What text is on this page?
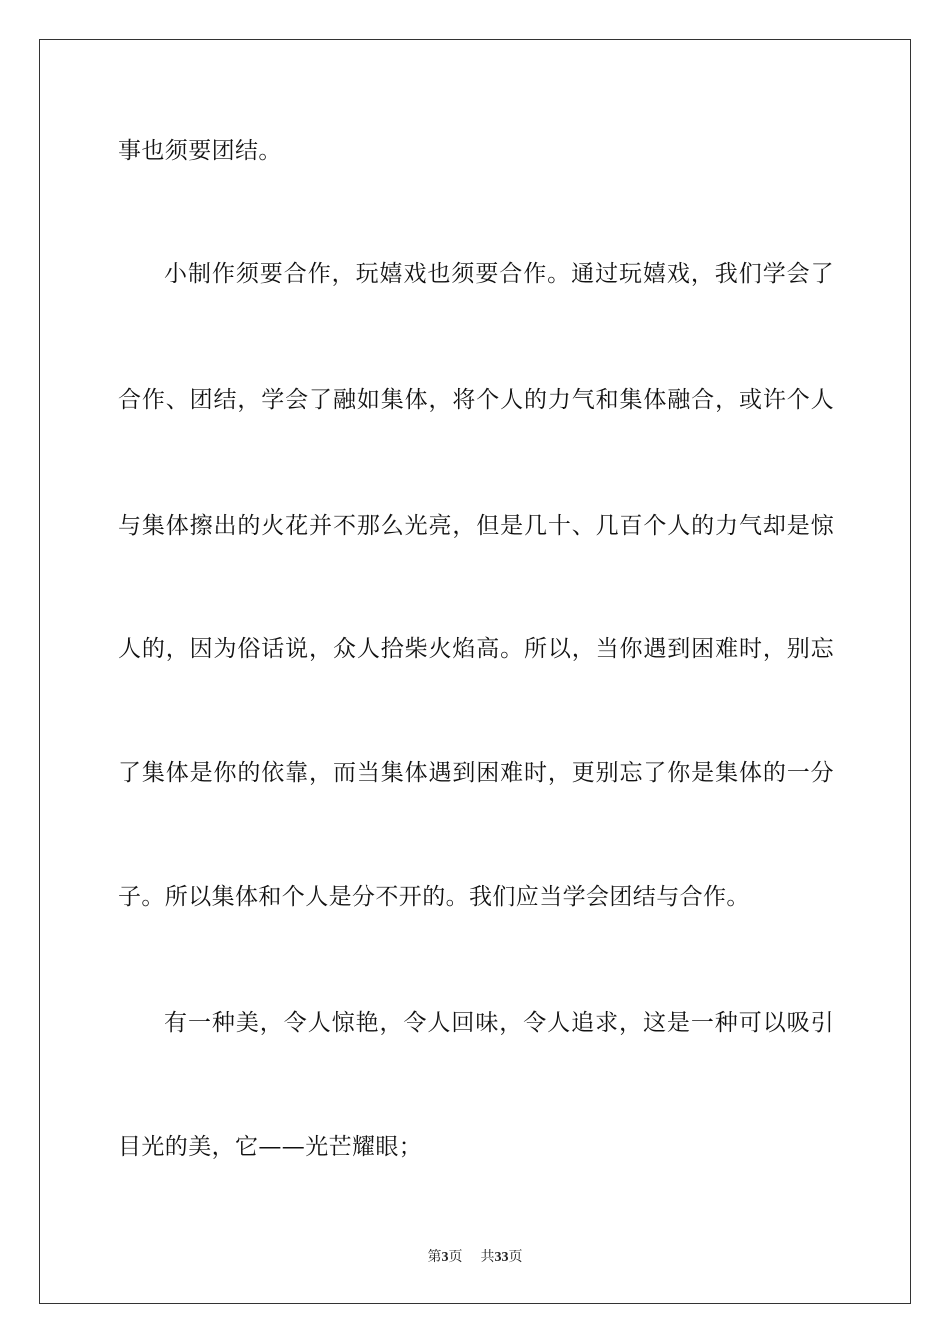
事也须要团结。
小制作须要合作，玩嬉戏也须要合作。通过玩嬉戏，我们学会了
合作、团结，学会了融如集体，将个人的力气和集体融合，或许个人
与集体擦出的火花并不那么光亮，但是几十、几百个人的力气却是惊
人的，因为俗话说，众人拾柴火焰高。所以，当你遇到困难时，别忘
了集体是你的依靠，而当集体遇到困难时，更别忘了你是集体的一分
子。所以集体和个人是分不开的。我们应当学会团结与合作。
有一种美，令人惊艳，令人回味，令人追求，这是一种可以吸引
目光的美，它——光芒耀眼；
第3页 共33页
